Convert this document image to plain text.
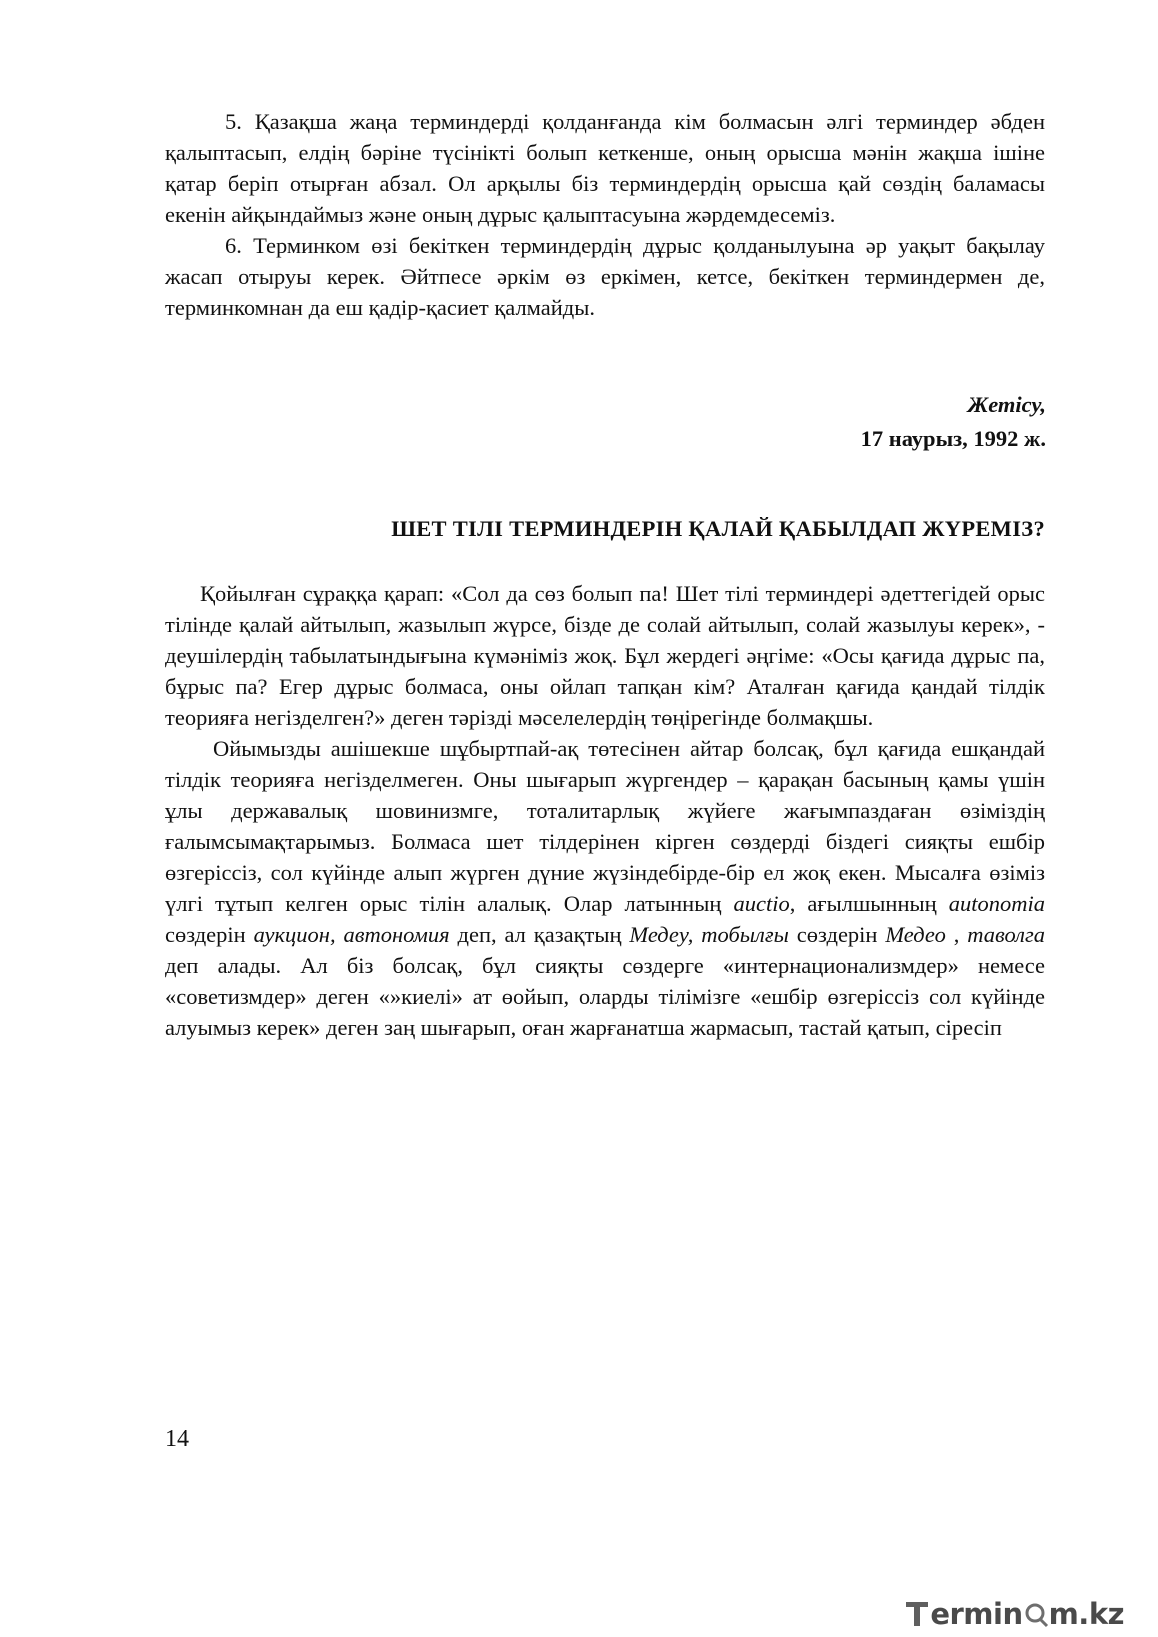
5. Қазақша жаңа терминдерді қолданғанда кім болмасын әлгі терминдер әбден қалыптасып, елдің бәріне түсінікті болып кеткенше, оның орысша мәнін жақша ішіне қатар беріп отырған абзал. Ол арқылы біз терминдердің орысша қай сөздің баламасы екенін айқындаймыз және оның дұрыс қалыптасуына жәрдемдесеміз.

6. Терминком өзі бекіткен терминдердің дұрыс қолданылуына әр уақыт бақылау жасап отыруы керек. Әйтпесе әркім өз еркімен, кетсе, бекіткен терминдермен де, терминкомнан да еш қадір-қасиет қалмайды.

Жетісу,
17 наурыз, 1992 ж.
ШЕТ ТІЛІ ТЕРМИНДЕРІН ҚАЛАЙ ҚАБЫЛДАП ЖҮРЕМІЗ?

Қойылған сұраққа қарап: «Сол да сөз болып па! Шет тілі терминдері әдеттегідей орыс тілінде қалай айтылып, жазылып жүрсе, бізде де солай айтылып, солай жазылуы керек», - деушілердің табылатындығына күмәніміз жоқ. Бұл жердегі әңгіме: «Осы қағида дұрыс па, бұрыс па? Егер дұрыс болмаса, оны ойлап тапқан кім? Аталған қағида қандай тілдік теорияға негізделген?» деген тәрізді мәселелердің төңірегінде болмақшы.

Ойымызды ашішекше шұбыртпай-ақ төтесінен айтар болсақ, бұл қағида ешқандай тілдік теорияға негізделмеген. Оны шығарып жүргендер – қарақан басының қамы үшін ұлы державалық шовинизмге, тоталитарлық жүйеге жағымпаздаған өзіміздің ғалымсымақтарымыз. Болмаса шет тілдерінен кірген сөздерді біздегі сияқты ешбір өзгеріссіз, сол күйінде алып жүрген дүние жүзіндебірде-бір ел жоқ екен. Мысалға өзіміз үлгі тұтып келген орыс тілін алалық. Олар латынның auctio, ағылшынның autonomia сөздерін аукцион, автономия деп, ал қазақтың Медеу, тобылғы сөздерін Медео , таволга деп алады. Ал біз болсақ, бұл сияқты сөздерге «интернационализмдер» немесе «советизмдер» деген «»киелі» ат өойып, оларды тілімізге «ешбір өзгеріссіз сол күйінде алуымыз керек» деген заң шығарып, оған жарғанатша жармасып, тастай қатып, сіресіп

14
ermin m.kz
